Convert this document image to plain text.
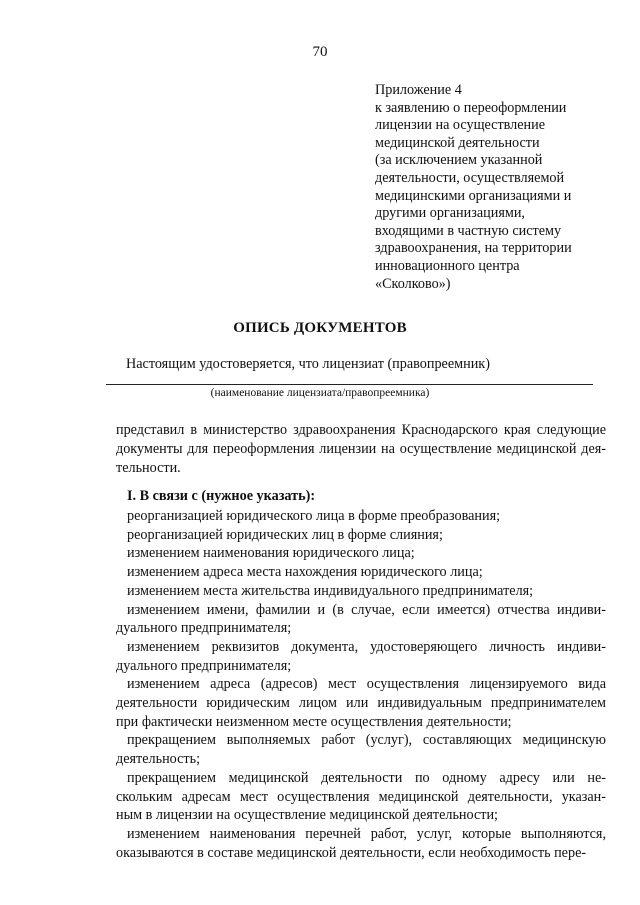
70
Приложение 4
к заявлению о переоформлении
лицензии на осуществление
медицинской деятельности
(за исключением указанной
деятельности, осуществляемой
медицинскими организациями и
другими организациями,
входящими в частную систему
здравоохранения, на территории
инновационного центра
«Сколково»)
ОПИСЬ ДОКУМЕНТОВ
Настоящим удостоверяется, что лицензиат (правопреемник)
(наименование лицензиата/правопреемника)
представил в министерство здравоохранения Краснодарского края следующие
документы для переоформления лицензии на осуществление медицинской дея-
тельности.
I. В связи с (нужное указать):
реорганизацией юридического лица в форме преобразования;
реорганизацией юридических лиц в форме слияния;
изменением наименования юридического лица;
изменением адреса места нахождения юридического лица;
изменением места жительства индивидуального предпринимателя;
изменением имени, фамилии и (в случае, если имеется) отчества индиви-
дуального предпринимателя;
изменением реквизитов документа, удостоверяющего личность индиви-
дуального предпринимателя;
изменением адреса (адресов) мест осуществления лицензируемого вида
деятельности юридическим лицом или индивидуальным предпринимателем
при фактически неизменном месте осуществления деятельности;
прекращением выполняемых работ (услуг), составляющих медицинскую
деятельность;
прекращением медицинской деятельности по одному адресу или не-
скольким адресам мест осуществления медицинской деятельности, указан-
ным в лицензии на осуществление медицинской деятельности;
изменением наименования перечней работ, услуг, которые выполняются,
оказываются в составе медицинской деятельности, если необходимость пере-
